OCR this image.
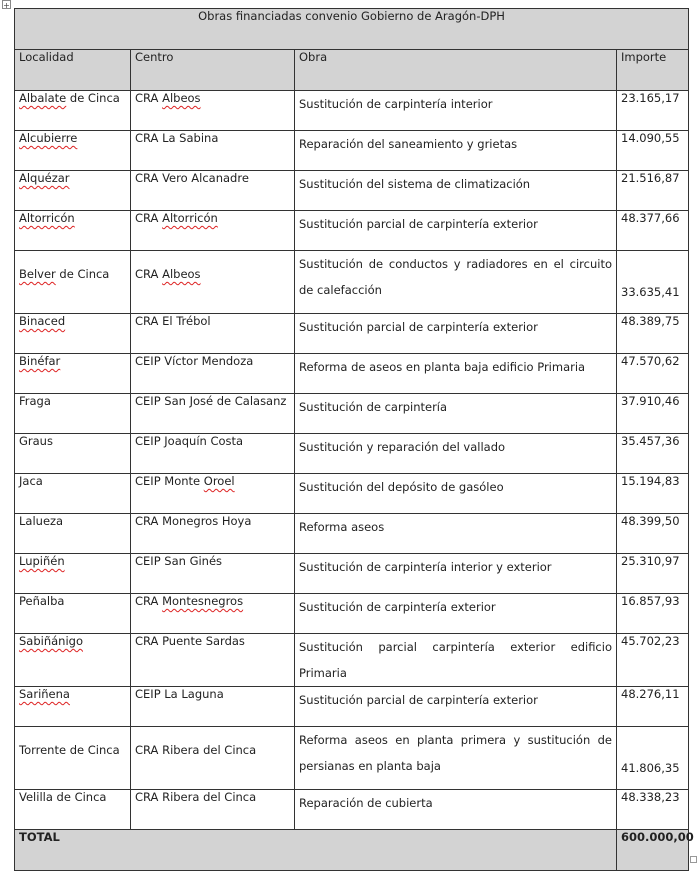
+
Obras financiadas convenio Gobierno de Aragón-DPH			
Localidad	Centro	Obra	Importe
Albalate de Cinca	CRA Albeos	Sustitución de carpintería interior	23.165,17
Alcubierre	CRA La Sabina	Reparación del saneamiento y grietas	14.090,55
Alquézar	CRA Vero Alcanadre	Sustitución del sistema de climatización	21.516,87
Altorricón	CRA Altorricón	Sustitución parcial de carpintería exterior	48.377,66
Belver de Cinca	CRA Albeos	Sustitución de conductos y radiadores en el circuito de calefacción	33.635,41
Binaced	CRA El Trébol	Sustitución parcial de carpintería exterior	48.389,75
Binéfar	CEIP Víctor Mendoza	Reforma de aseos en planta baja edificio Primaria	47.570,62
Fraga	CEIP San José de Calasanz	Sustitución de carpintería	37.910,46
Graus	CEIP Joaquín Costa	Sustitución y reparación del vallado	35.457,36
Jaca	CEIP Monte Oroel	Sustitución del depósito de gasóleo	15.194,83
Lalueza	CRA Monegros Hoya	Reforma aseos	48.399,50
Lupiñén	CEIP San Ginés	Sustitución de carpintería interior y exterior	25.310,97
Peñalba	CRA Montesnegros	Sustitución de carpintería exterior	16.857,93
Sabiñánigo	CRA Puente Sardas	Sustitución parcial carpintería exterior edificio Primaria	45.702,23
Sariñena	CEIP La Laguna	Sustitución parcial de carpintería exterior	48.276,11
Torrente de Cinca	CRA Ribera del Cinca	Reforma aseos en planta primera y sustitución de persianas en planta baja	41.806,35
Velilla de Cinca	CRA Ribera del Cinca	Reparación de cubierta	48.338,23
TOTAL			600.000,00
